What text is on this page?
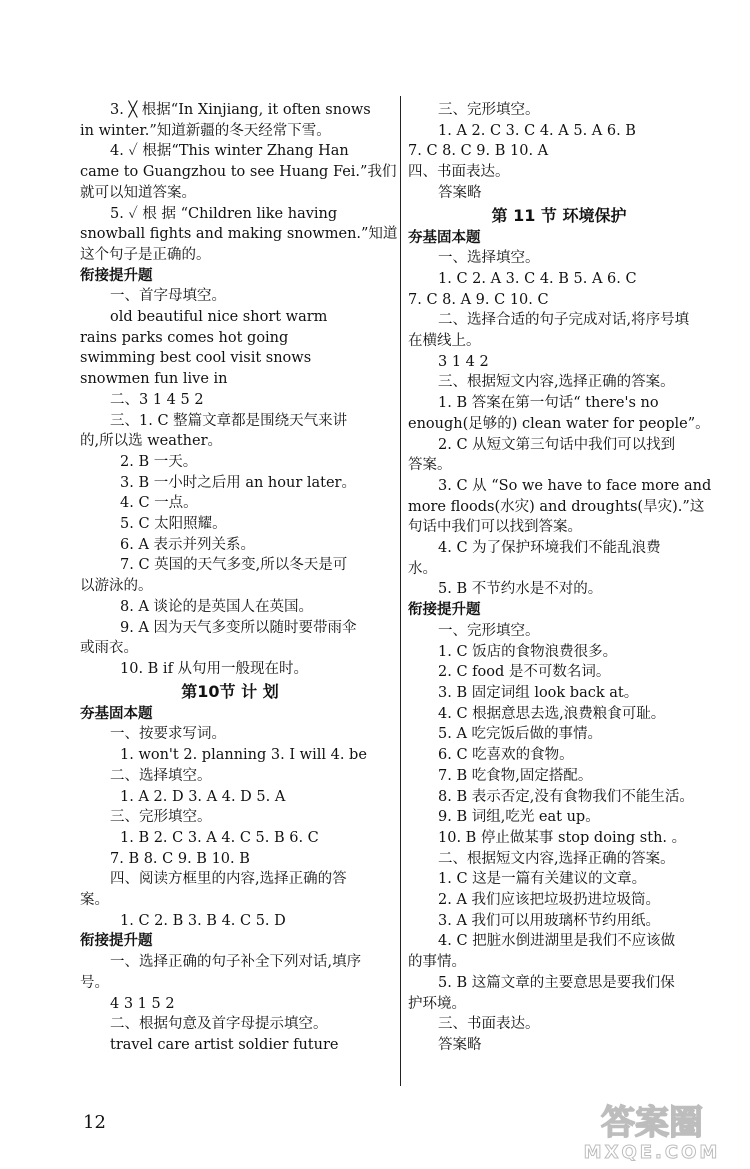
3. ╳ 根据“In Xinjiang, it often snows
in winter.”知道新疆的冬天经常下雪。
4. ✓ 根据“This winter Zhang Han
came to Guangzhou to see Huang Fei.”我们
就可以知道答案。
5. ✓ 根 据 “Children like having
snowball fights and making snowmen.”知道
这个句子是正确的。
衔接提升题
一、首字母填空。
old beautiful nice short warm
rains parks comes hot going
swimming best cool visit snows
snowmen fun live in
二、3 1 4 5 2
三、1. C 整篇文章都是围绕天气来讲
的,所以选 weather。
2. B 一天。
3. B 一小时之后用 an hour later。
4. C 一点。
5. C 太阳照耀。
6. A 表示并列关系。
7. C 英国的天气多变,所以冬天是可
以游泳的。
8. A 谈论的是英国人在英国。
9. A 因为天气多变所以随时要带雨伞
或雨衣。
10. B if 从句用一般现在时。
第10节 计 划
夯基固本题
一、按要求写词。
1. won't 2. planning 3. I will 4. be
二、选择填空。
1. A 2. D 3. A 4. D 5. A
三、完形填空。
1. B 2. C 3. A 4. C 5. B 6. C
7. B 8. C 9. B 10. B
四、阅读方框里的内容,选择正确的答
案。
1. C 2. B 3. B 4. C 5. D
衔接提升题
一、选择正确的句子补全下列对话,填序
号。
4 3 1 5 2
二、根据句意及首字母提示填空。
travel care artist soldier future
三、完形填空。
1. A 2. C 3. C 4. A 5. A 6. B
7. C 8. C 9. B 10. A
四、书面表达。
答案略
第 11 节 环境保护
夯基固本题
一、选择填空。
1. C 2. A 3. C 4. B 5. A 6. C
7. C 8. A 9. C 10. C
二、选择合适的句子完成对话,将序号填
在横线上。
3 1 4 2
三、根据短文内容,选择正确的答案。
1. B 答案在第一句话“ there's no
enough(足够的) clean water for people”。
2. C 从短文第三句话中我们可以找到
答案。
3. C 从 “So we have to face more and
more floods(水灾) and droughts(旱灾).”这
句话中我们可以找到答案。
4. C 为了保护环境我们不能乱浪费
水。
5. B 不节约水是不对的。
衔接提升题
一、完形填空。
1. C 饭店的食物浪费很多。
2. C food 是不可数名词。
3. B 固定词组 look back at。
4. C 根据意思去选,浪费粮食可耻。
5. A 吃完饭后做的事情。
6. C 吃喜欢的食物。
7. B 吃食物,固定搭配。
8. B 表示否定,没有食物我们不能生活。
9. B 词组,吃光 eat up。
10. B 停止做某事 stop doing sth. 。
二、根据短文内容,选择正确的答案。
1. C 这是一篇有关建议的文章。
2. A 我们应该把垃圾扔进垃圾筒。
3. A 我们可以用玻璃杯节约用纸。
4. C 把脏水倒进湖里是我们不应该做
的事情。
5. B 这篇文章的主要意思是要我们保
护环境。
三、书面表达。
答案略
12	答案圈
MXQE.COM
